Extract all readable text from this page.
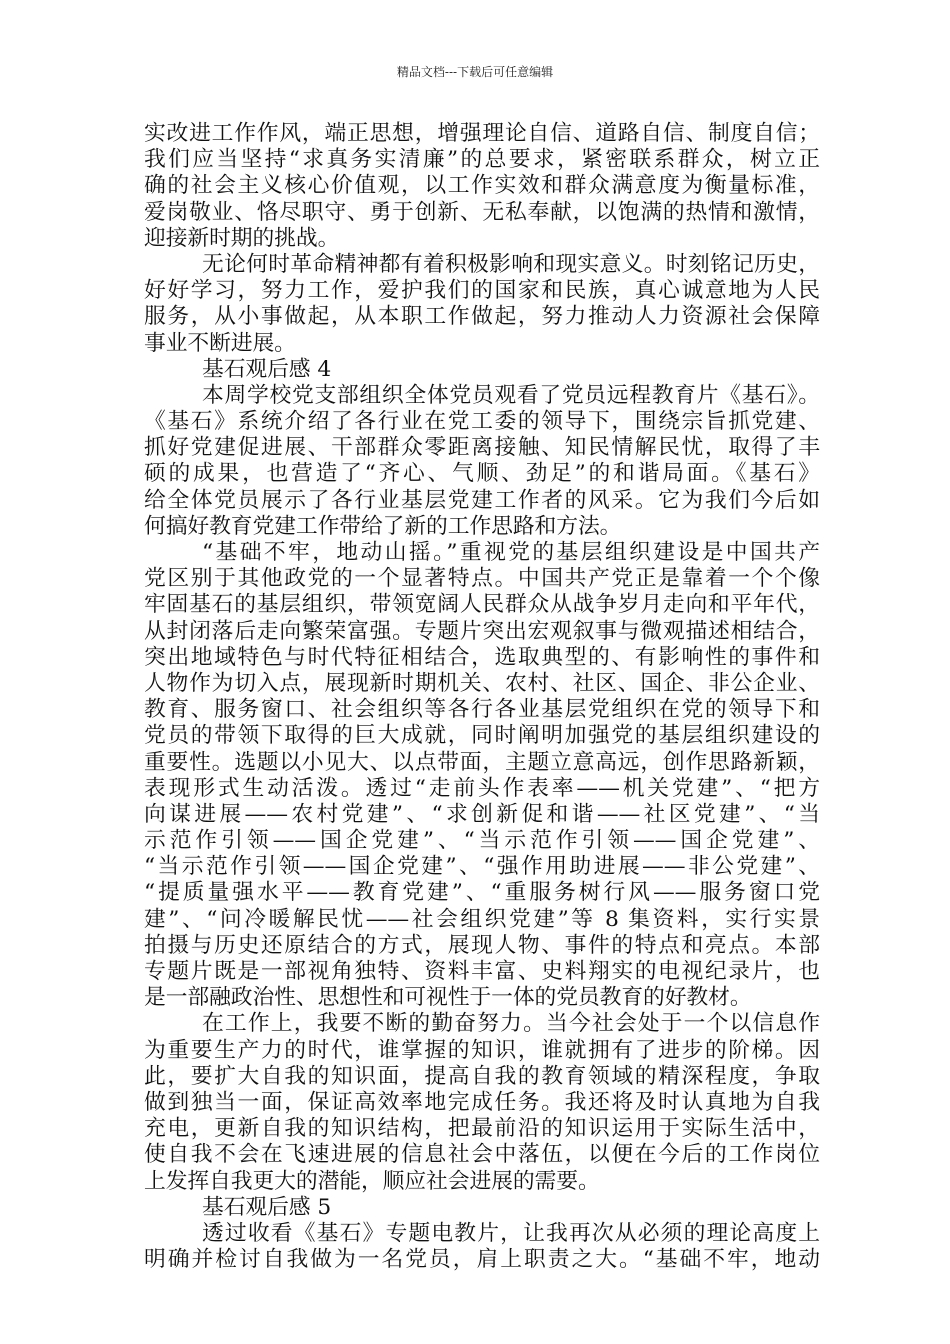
精品文档---下载后可任意编辑
实改进工作作风，端正思想，增强理论自信、道路自信、制度自信；
我们应当坚持“求真务实清廉”的总要求，紧密联系群众，树立正
确的社会主义核心价值观，以工作实效和群众满意度为衡量标准，
爱岗敬业、恪尽职守、勇于创新、无私奉献，以饱满的热情和激情，
迎接新时期的挑战。
无论何时革命精神都有着积极影响和现实意义。时刻铭记历史，
好好学习，努力工作，爱护我们的国家和民族，真心诚意地为人民
服务，从小事做起，从本职工作做起，努力推动人力资源社会保障
事业不断进展。
基石观后感 4
本周学校党支部组织全体党员观看了党员远程教育片《基石》。
《基石》系统介绍了各行业在党工委的领导下，围绕宗旨抓党建、
抓好党建促进展、干部群众零距离接触、知民情解民忧，取得了丰
硕的成果，也营造了“齐心、气顺、劲足”的和谐局面。《基石》
给全体党员展示了各行业基层党建工作者的风采。它为我们今后如
何搞好教育党建工作带给了新的工作思路和方法。
“基础不牢，地动山摇。”重视党的基层组织建设是中国共产
党区别于其他政党的一个显著特点。中国共产党正是靠着一个个像
牢固基石的基层组织，带领宽阔人民群众从战争岁月走向和平年代，
从封闭落后走向繁荣富强。专题片突出宏观叙事与微观描述相结合，
突出地域特色与时代特征相结合，选取典型的、有影响性的事件和
人物作为切入点，展现新时期机关、农村、社区、国企、非公企业、
教育、服务窗口、社会组织等各行各业基层党组织在党的领导下和
党员的带领下取得的巨大成就，同时阐明加强党的基层组织建设的
重要性。选题以小见大、以点带面，主题立意高远，创作思路新颖，
表现形式生动活泼。透过“走前头作表率——机关党建”、“把方
向谋进展——农村党建”、“求创新促和谐——社区党建”、“当
示范作引领——国企党建”、“当示范作引领——国企党建”、
“当示范作引领——国企党建”、“强作用助进展——非公党建”、
“提质量强水平——教育党建”、“重服务树行风——服务窗口党
建”、“问冷暖解民忧——社会组织党建”等 8 集资料，实行实景
拍摄与历史还原结合的方式，展现人物、事件的特点和亮点。本部
专题片既是一部视角独特、资料丰富、史料翔实的电视纪录片，也
是一部融政治性、思想性和可视性于一体的党员教育的好教材。
在工作上，我要不断的勤奋努力。当今社会处于一个以信息作
为重要生产力的时代，谁掌握的知识，谁就拥有了进步的阶梯。因
此，要扩大自我的知识面，提高自我的教育领域的精深程度，争取
做到独当一面，保证高效率地完成任务。我还将及时认真地为自我
充电，更新自我的知识结构，把最前沿的知识运用于实际生活中，
使自我不会在飞速进展的信息社会中落伍，以便在今后的工作岗位
上发挥自我更大的潜能，顺应社会进展的需要。
基石观后感 5
透过收看《基石》专题电教片，让我再次从必须的理论高度上
明确并检讨自我做为一名党员，肩上职责之大。“基础不牢，地动
